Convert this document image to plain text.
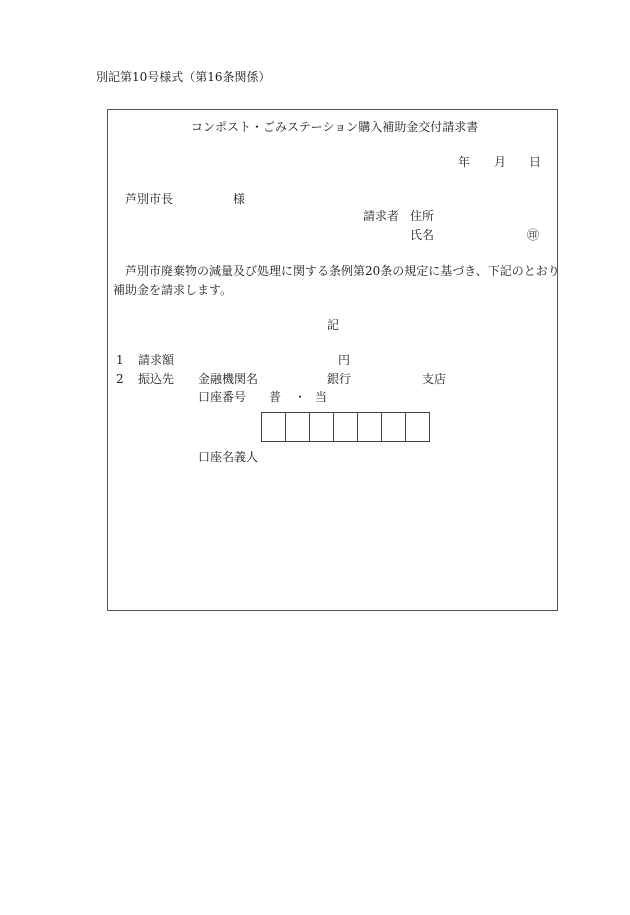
別記第10号様式（第16条関係）
コンポスト・ごみステーション購入補助金交付請求書
年 月 日
芦別市長	様
請求者 住所
氏名	㊞
芦別市廃棄物の減量及び処理に関する条例第20条の規定に基づき、下記のとおり
補助金を請求します。
記
1 請求額	円
2 振込先 金融機関名	銀行	支店
口座番号 普 ・ 当
口座名義人
